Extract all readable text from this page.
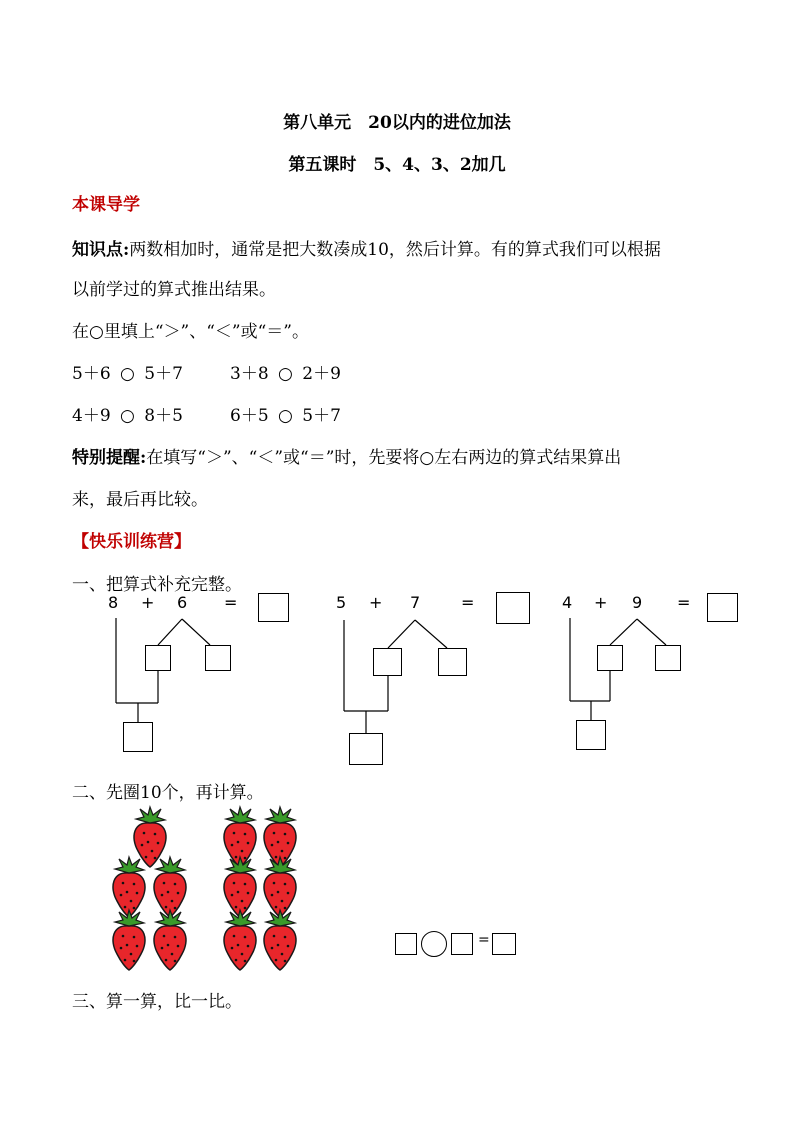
第八单元　20以内的进位加法
第五课时　5、4、3、2加几
本课导学
知识点:两数相加时，通常是把大数凑成10，然后计算。有的算式我们可以根据
以前学过的算式推出结果。
在○里填上“＞”、“＜”或“＝”。
5＋6 ○ 5＋7	3＋8 ○ 2＋9
4＋9 ○ 8＋5	6＋5 ○ 5＋7
特别提醒:在填写“＞”、“＜”或“＝”时，先要将○左右两边的算式结果算出
来，最后再比较。
【快乐训练营】
一、把算式补充完整。
8 + 6 =	5 + 7	=	4 + 9 =
二、先圈10个，再计算。
=
三、算一算，比一比。
